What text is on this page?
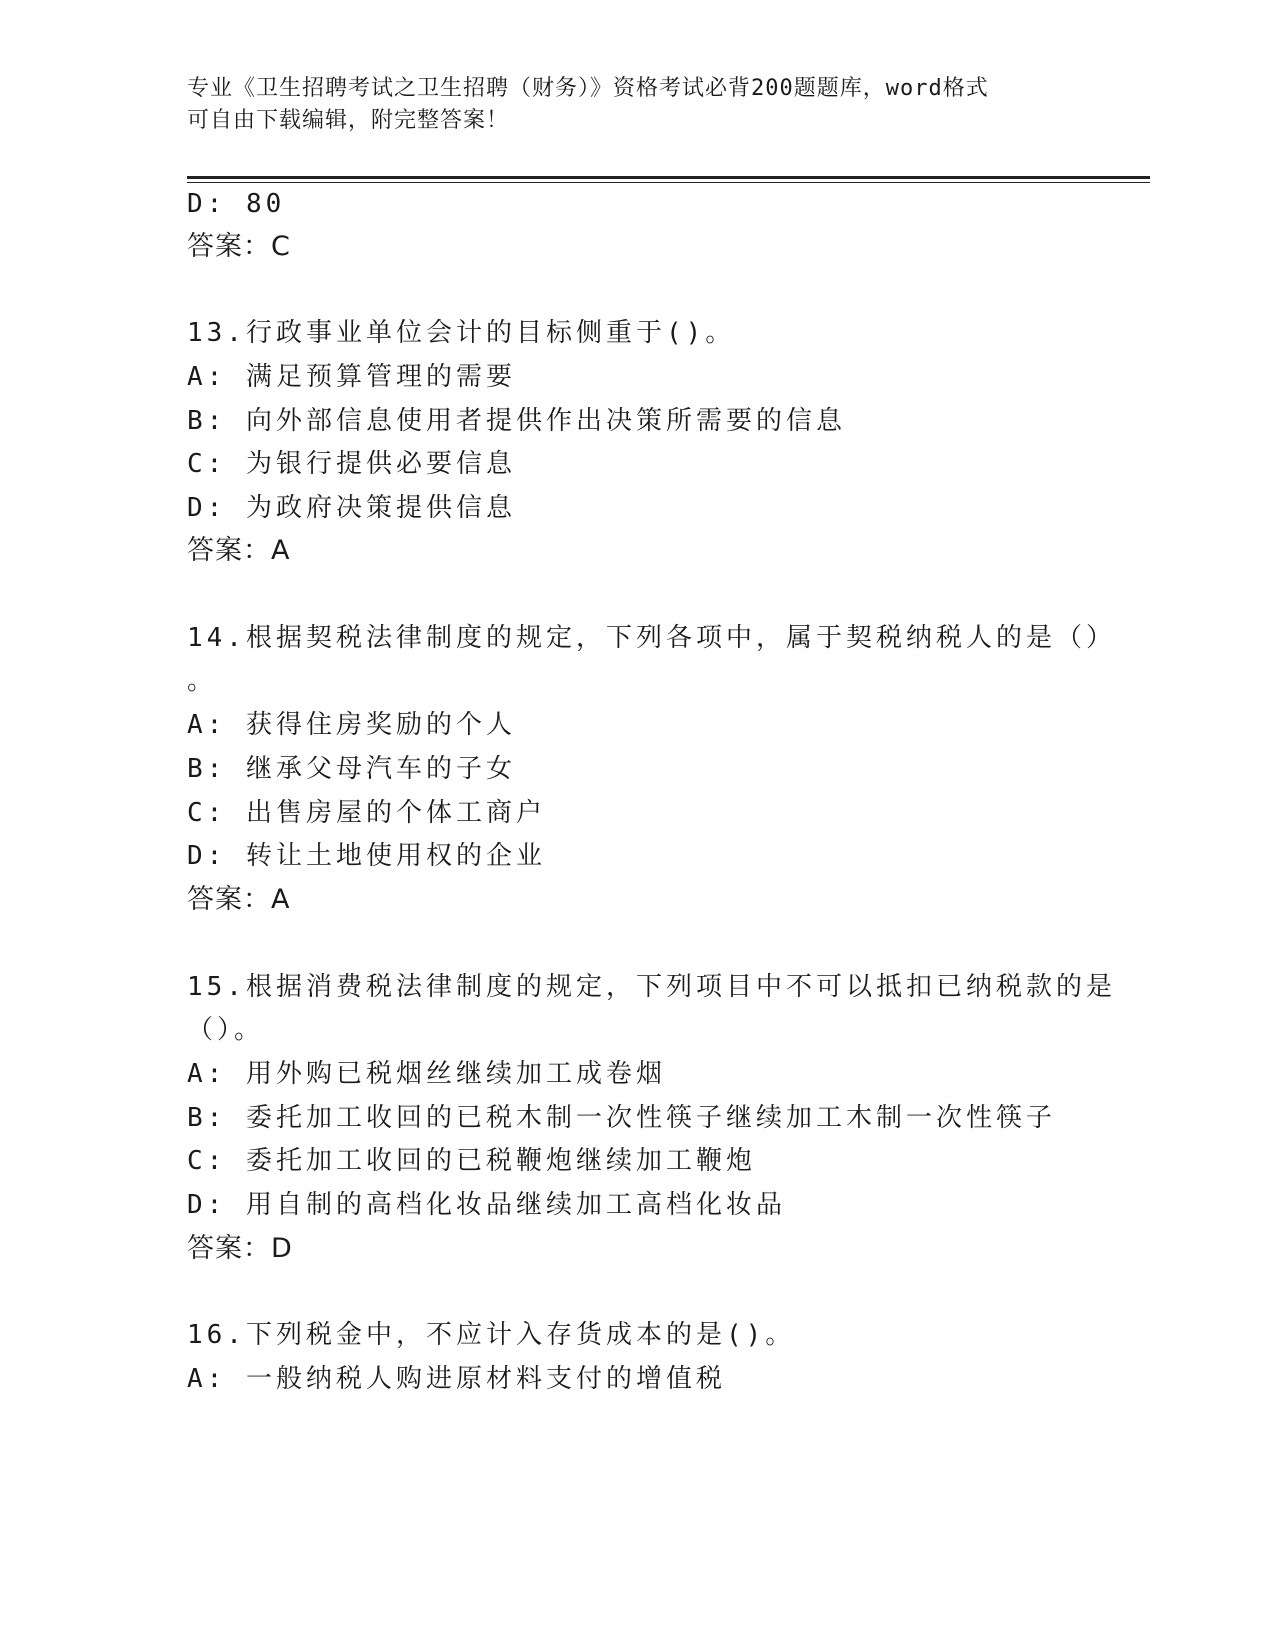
专业《卫生招聘考试之卫生招聘（财务）》资格考试必背200题题库，word格式
可自由下载编辑，附完整答案！
D: 80
答案：C
13.行政事业单位会计的目标侧重于()。
A: 满足预算管理的需要
B: 向外部信息使用者提供作出决策所需要的信息
C: 为银行提供必要信息
D: 为政府决策提供信息
答案：A
14.根据契税法律制度的规定，下列各项中，属于契税纳税人的是（）
。
A: 获得住房奖励的个人
B: 继承父母汽车的子女
C: 出售房屋的个体工商户
D: 转让土地使用权的企业
答案：A
15.根据消费税法律制度的规定，下列项目中不可以抵扣已纳税款的是
（）。
A: 用外购已税烟丝继续加工成卷烟
B: 委托加工收回的已税木制一次性筷子继续加工木制一次性筷子
C: 委托加工收回的已税鞭炮继续加工鞭炮
D: 用自制的高档化妆品继续加工高档化妆品
答案：D
16.下列税金中，不应计入存货成本的是()。
A: 一般纳税人购进原材料支付的增值税
